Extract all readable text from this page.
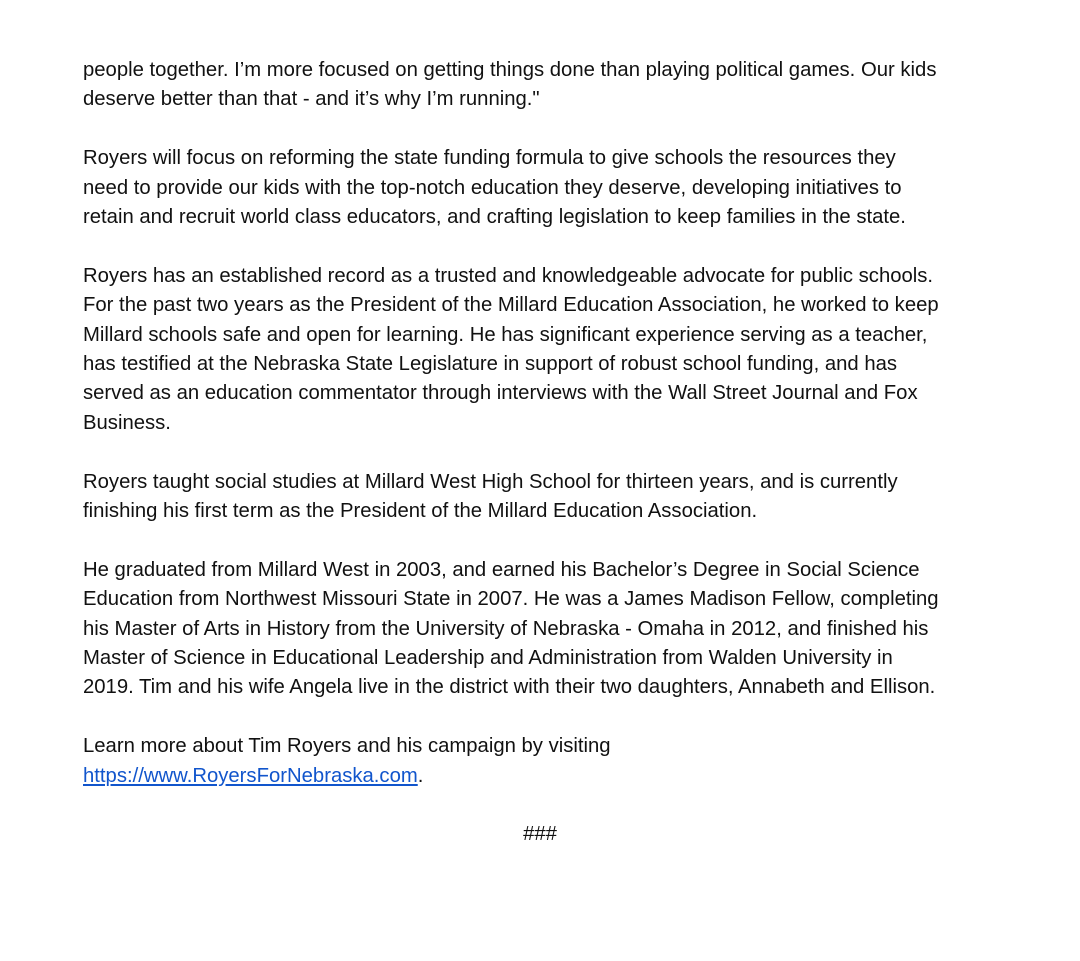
people together. I’m more focused on getting things done than playing political games. Our kids
deserve better than that - and it’s why I’m running."

Royers will focus on reforming the state funding formula to give schools the resources they
need to provide our kids with the top-notch education they deserve, developing initiatives to
retain and recruit world class educators, and crafting legislation to keep families in the state.

Royers has an established record as a trusted and knowledgeable advocate for public schools.
For the past two years as the President of the Millard Education Association, he worked to keep
Millard schools safe and open for learning. He has significant experience serving as a teacher,
has testified at the Nebraska State Legislature in support of robust school funding, and has
served as an education commentator through interviews with the Wall Street Journal and Fox
Business.

Royers taught social studies at Millard West High School for thirteen years, and is currently
finishing his first term as the President of the Millard Education Association.

He graduated from Millard West in 2003, and earned his Bachelor’s Degree in Social Science
Education from Northwest Missouri State in 2007. He was a James Madison Fellow, completing
his Master of Arts in History from the University of Nebraska - Omaha in 2012, and finished his
Master of Science in Educational Leadership and Administration from Walden University in
2019. Tim and his wife Angela live in the district with their two daughters, Annabeth and Ellison.

Learn more about Tim Royers and his campaign by visiting
https://www.RoyersForNebraska.com.

###
